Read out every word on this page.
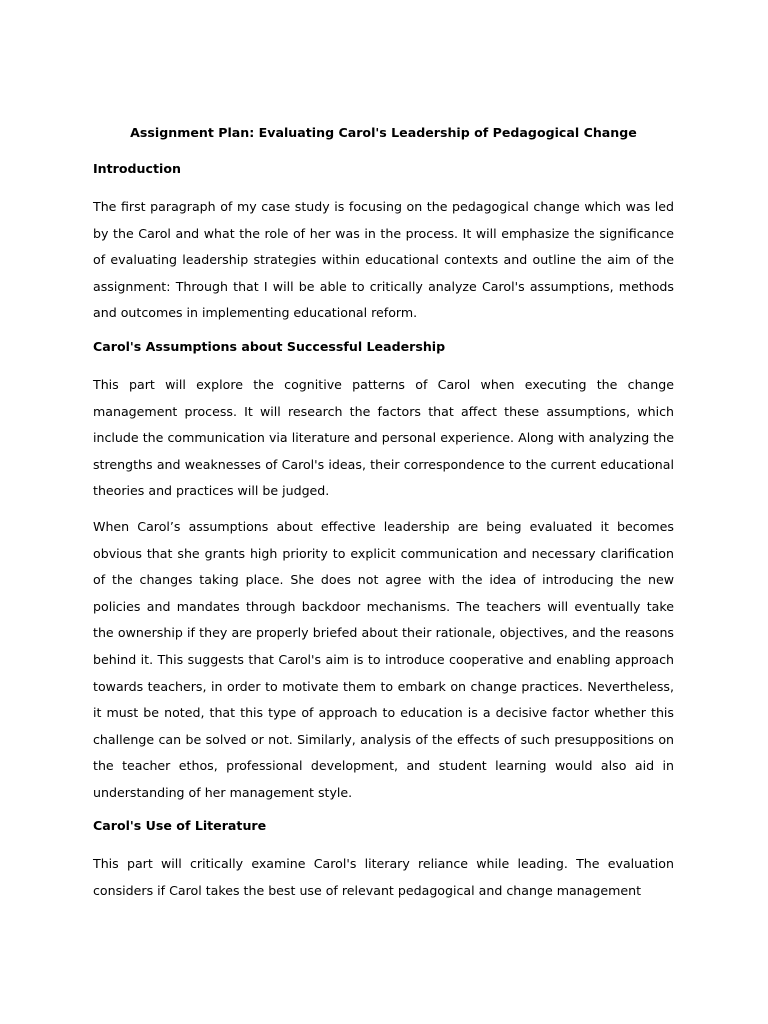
Assignment Plan: Evaluating Carol's Leadership of Pedagogical Change
Introduction

The first paragraph of my case study is focusing on the pedagogical change which was led by the Carol and what the role of her was in the process. It will emphasize the significance of evaluating leadership strategies within educational contexts and outline the aim of the assignment: Through that I will be able to critically analyze Carol's assumptions, methods and outcomes in implementing educational reform.

Carol's Assumptions about Successful Leadership

This part will explore the cognitive patterns of Carol when executing the change management process. It will research the factors that affect these assumptions, which include the communication via literature and personal experience. Along with analyzing the strengths and weaknesses of Carol's ideas, their correspondence to the current educational theories and practices will be judged.

When Carol’s assumptions about effective leadership are being evaluated it becomes obvious that she grants high priority to explicit communication and necessary clarification of the changes taking place. She does not agree with the idea of introducing the new policies and mandates through backdoor mechanisms. The teachers will eventually take the ownership if they are properly briefed about their rationale, objectives, and the reasons behind it. This suggests that Carol's aim is to introduce cooperative and enabling approach towards teachers, in order to motivate them to embark on change practices. Nevertheless, it must be noted, that this type of approach to education is a decisive factor whether this challenge can be solved or not. Similarly, analysis of the effects of such presuppositions on the teacher ethos, professional development, and student learning would also aid in understanding of her management style.

Carol's Use of Literature

This part will critically examine Carol's literary reliance while leading. The evaluation considers if Carol takes the best use of relevant pedagogical and change management
